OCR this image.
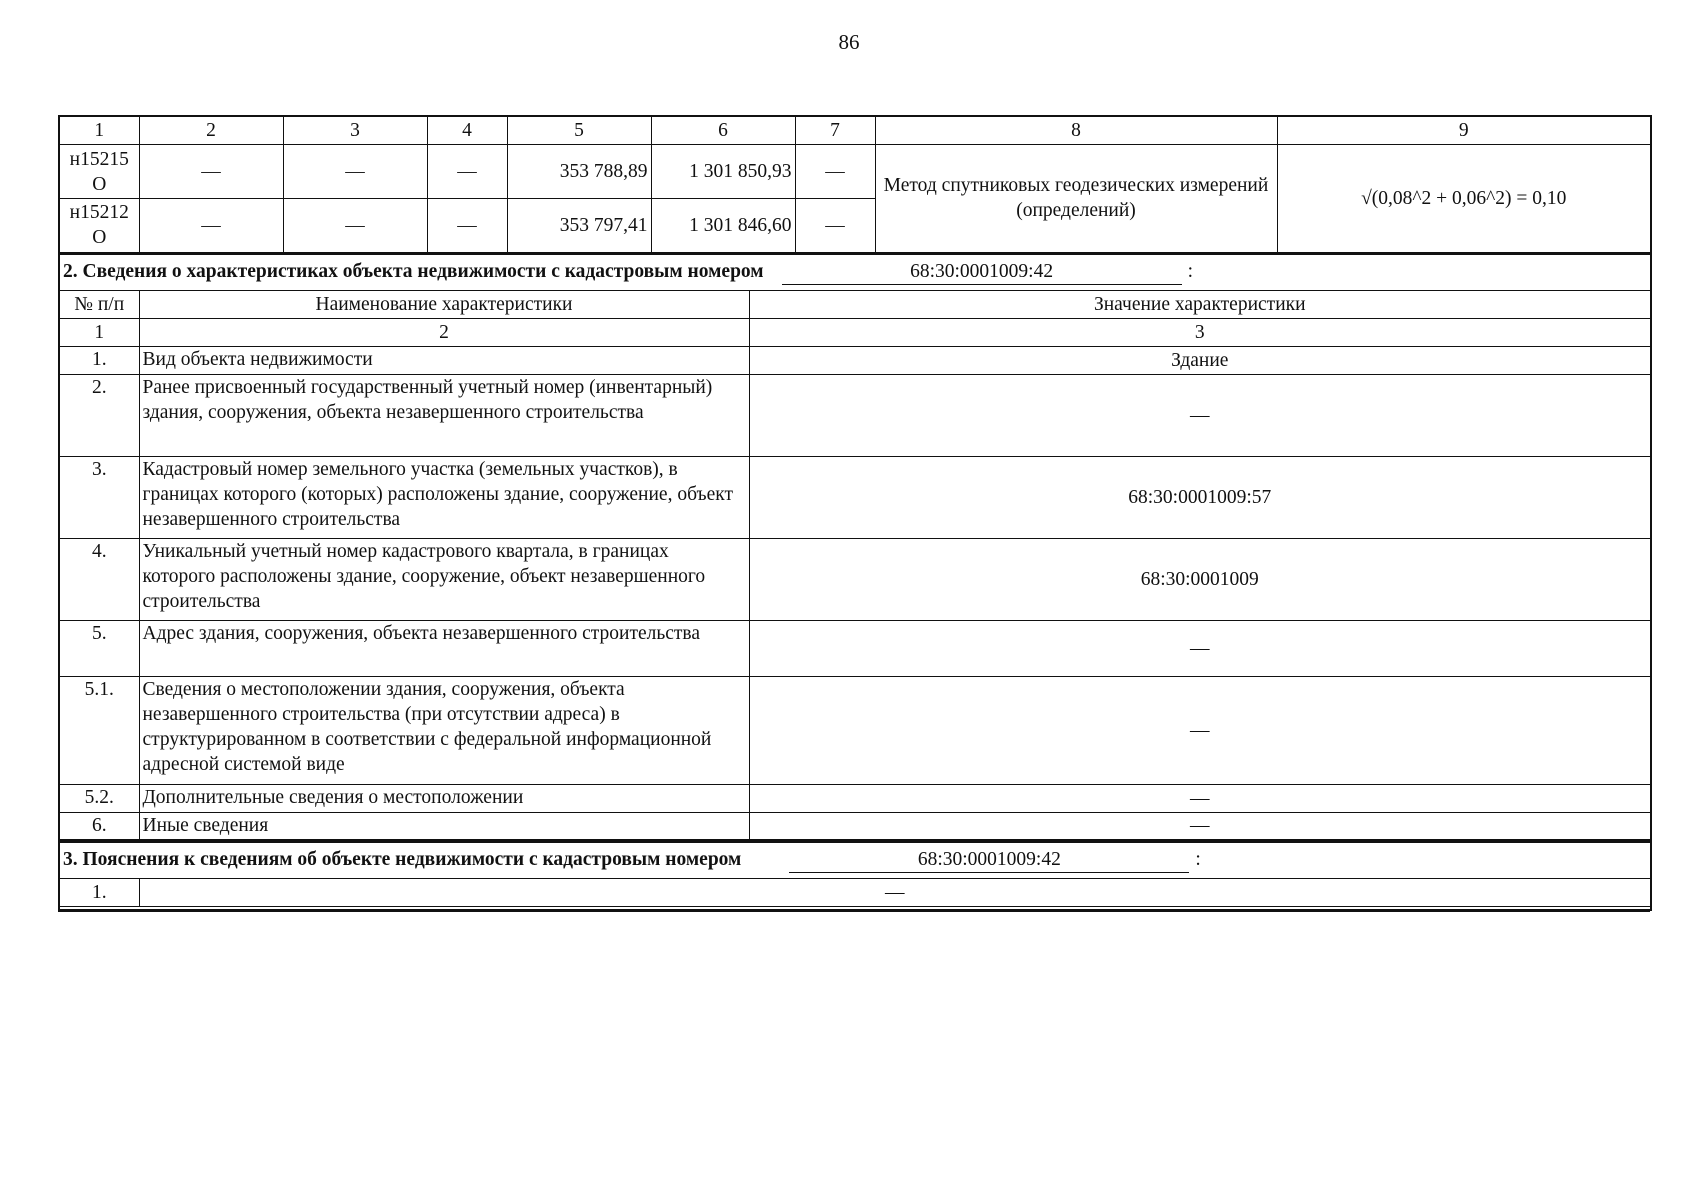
86
1	2	3	4	5	6	7	8	9

н15215
О	—	—	—	353 788,89	1 301 850,93	—	Метод спутниковых геодезических измерений (определений)	√(0,08^2 + 0,06^2) = 0,10

н15212
О	—	—	—	353 797,41	1 301 846,60	—		
2. Сведения о характеристиках объекта недвижимости с кадастровым номером 68:30:0001009:42 :		
№ п/п	Наименование характеристики	Значение характеристики
1	2	3
1.	Вид объекта недвижимости	Здание
2.	Ранее присвоенный государственный учетный номер (инвентарный) здания, сооружения, объекта незавершенного строительства	—
3.	Кадастровый номер земельного участка (земельных участков), в границах которого (которых) расположены здание, сооружение, объект незавершенного строительства	68:30:0001009:57
4.	Уникальный учетный номер кадастрового квартала, в границах которого расположены здание, сооружение, объект незавершенного строительства	68:30:0001009
5.	Адрес здания, сооружения, объекта незавершенного строительства	—
5.1.	Сведения о местоположении здания, сооружения, объекта незавершенного строительства (при отсутствии адреса) в структурированном в соответствии с федеральной информационной адресной системой виде	—
5.2.	Дополнительные сведения о местоположении	—
6.	Иные сведения	—
3. Пояснения к сведениям об объекте недвижимости с кадастровым номером	68:30:0001009:42	:
1.	—
